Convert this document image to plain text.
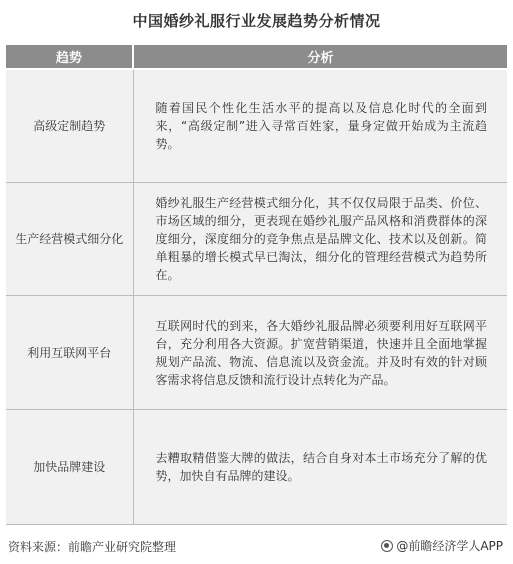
中国婚纱礼服行业发展趋势分析情况
趋势	分析
高级定制趋势	随着国民个性化生活水平的提高以及信息化时代的全面到来，“高级定制”进入寻常百姓家，量身定做开始成为主流趋势。
生产经营模式细分化	婚纱礼服生产经营模式细分化，其不仅仅局限于品类、价位、市场区域的细分，更表现在婚纱礼服产品风格和消费群体的深度细分，深度细分的竞争焦点是品牌文化、技术以及创新。简单粗暴的增长模式早已淘汰，细分化的管理经营模式为趋势所在。
利用互联网平台	互联网时代的到来，各大婚纱礼服品牌必须要利用好互联网平台，充分利用各大资源。扩宽营销渠道，快速并且全面地掌握规划产品流、物流、信息流以及资金流。并及时有效的针对顾客需求将信息反馈和流行设计点转化为产品。
加快品牌建设	去糟取精借鉴大牌的做法，结合自身对本土市场充分了解的优势，加快自有品牌的建设。
资料来源：前瞻产业研究院整理	@前瞻经济学人APP
